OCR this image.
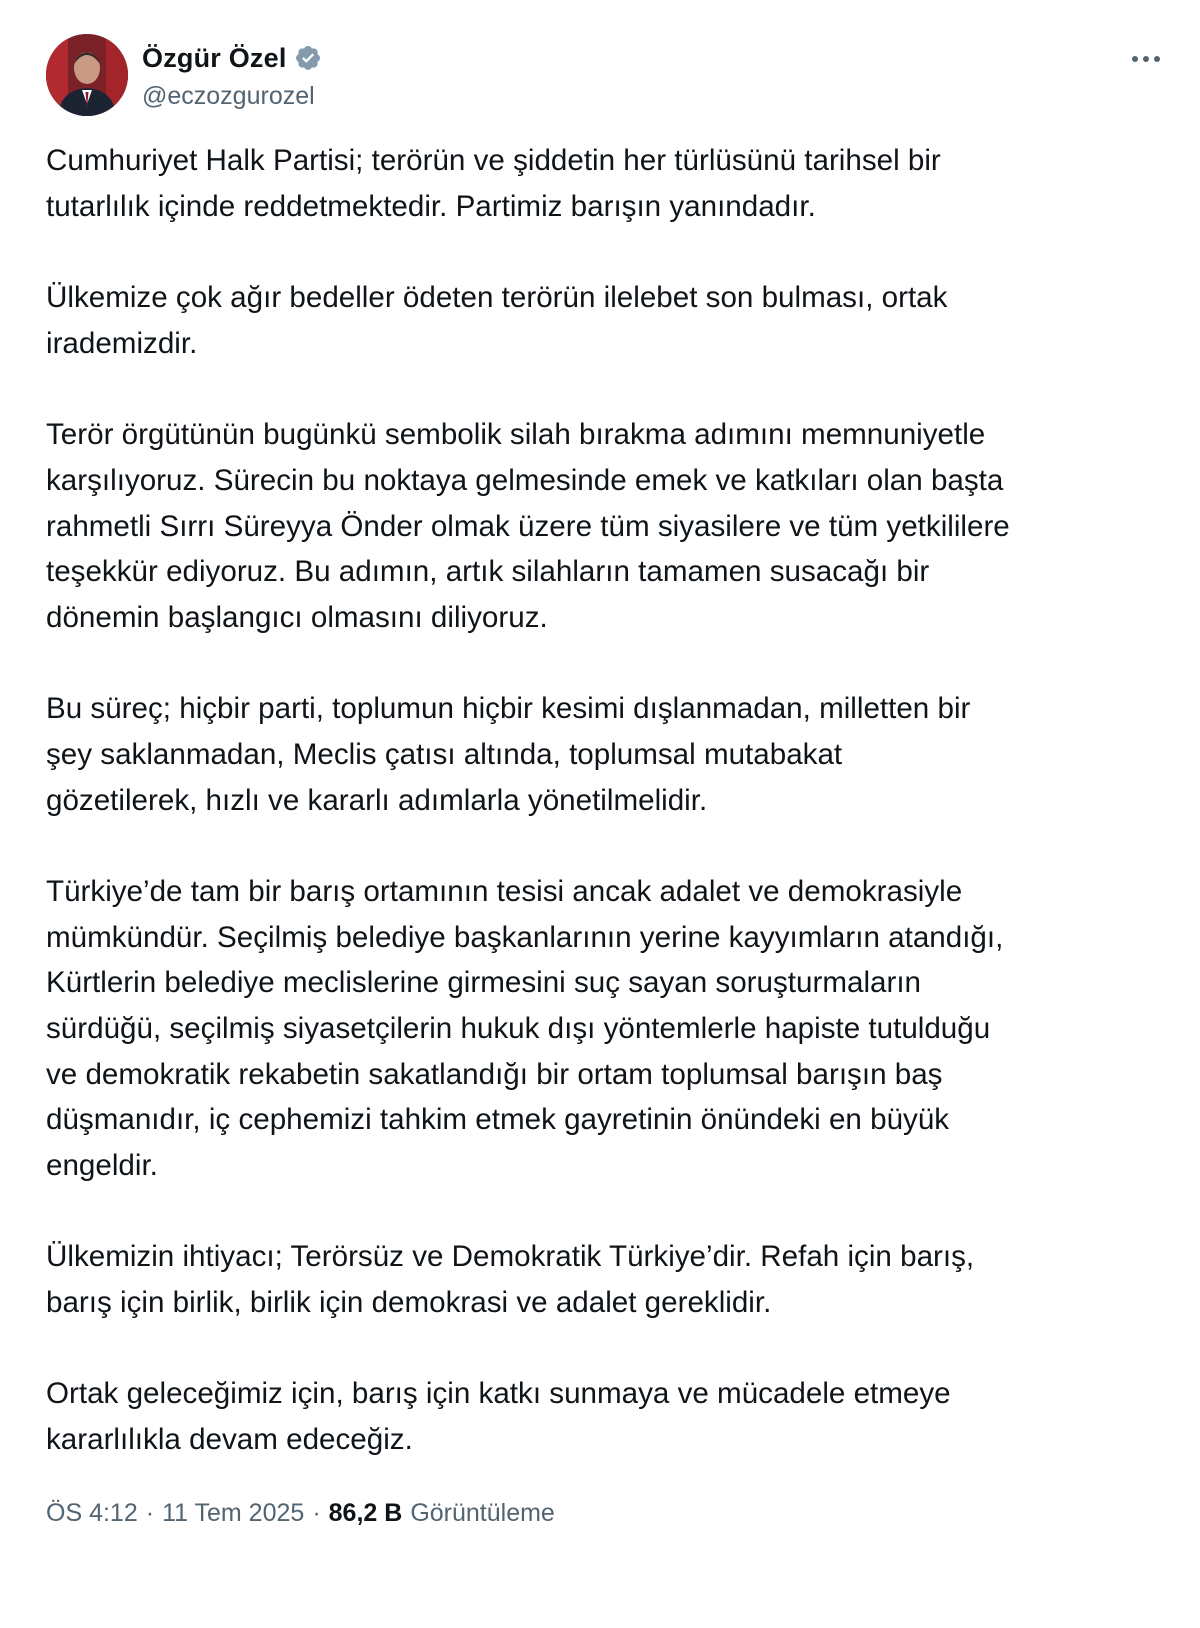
Özgür Özel
@eczozgurozel

Cumhuriyet Halk Partisi; terörün ve şiddetin her türlüsünü tarihsel bir
tutarlılık içinde reddetmektedir. Partimiz barışın yanındadır.

Ülkemize çok ağır bedeller ödeten terörün ilelebet son bulması, ortak
irademizdir.

Terör örgütünün bugünkü sembolik silah bırakma adımını memnuniyetle
karşılıyoruz. Sürecin bu noktaya gelmesinde emek ve katkıları olan başta
rahmetli Sırrı Süreyya Önder olmak üzere tüm siyasilere ve tüm yetkililere
teşekkür ediyoruz. Bu adımın, artık silahların tamamen susacağı bir
dönemin başlangıcı olmasını diliyoruz.

Bu süreç; hiçbir parti, toplumun hiçbir kesimi dışlanmadan, milletten bir
şey saklanmadan, Meclis çatısı altında, toplumsal mutabakat
gözetilerek, hızlı ve kararlı adımlarla yönetilmelidir.

Türkiye’de tam bir barış ortamının tesisi ancak adalet ve demokrasiyle
mümkündür. Seçilmiş belediye başkanlarının yerine kayyımların atandığı,
Kürtlerin belediye meclislerine girmesini suç sayan soruşturmaların
sürdüğü, seçilmiş siyasetçilerin hukuk dışı yöntemlerle hapiste tutulduğu
ve demokratik rekabetin sakatlandığı bir ortam toplumsal barışın baş
düşmanıdır, iç cephemizi tahkim etmek gayretinin önündeki en büyük
engeldir.

Ülkemizin ihtiyacı; Terörsüz ve Demokratik Türkiye’dir. Refah için barış,
barış için birlik, birlik için demokrasi ve adalet gereklidir.

Ortak geleceğimiz için, barış için katkı sunmaya ve mücadele etmeye
kararlılıkla devam edeceğiz.

ÖS 4:12 · 11 Tem 2025 · 86,2 B Görüntüleme
